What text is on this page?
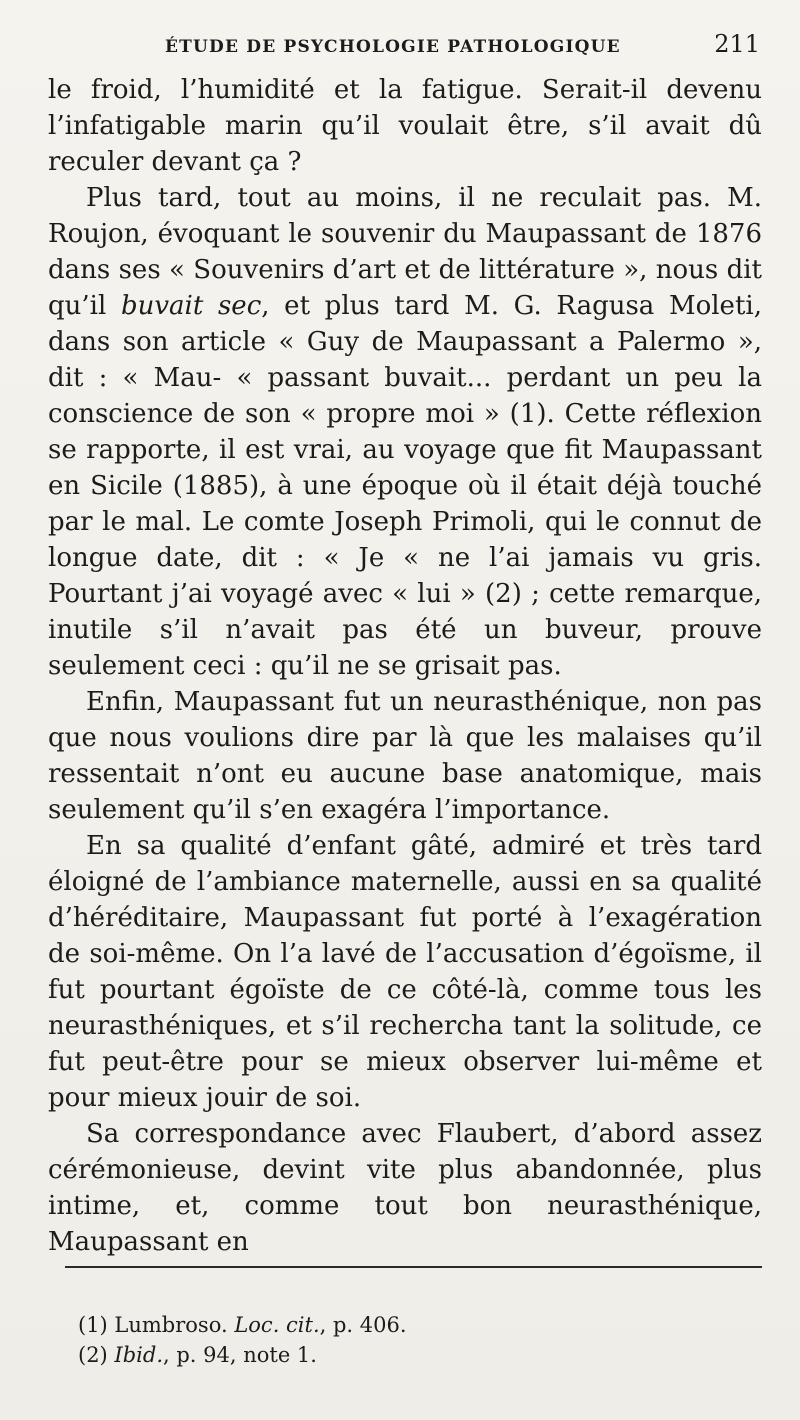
ÉTUDE DE PSYCHOLOGIE PATHOLOGIQUE	211

le froid, l’humidité et la fatigue. Serait-il devenu l’infatigable marin qu’il voulait être, s’il avait dû reculer devant ça ?

Plus tard, tout au moins, il ne reculait pas. M. Roujon, évoquant le souvenir du Maupassant de 1876 dans ses « Souvenirs d’art et de littérature », nous dit qu’il buvait sec, et plus tard M. G. Ragusa Moleti, dans son article « Guy de Maupassant a Palermo », dit : « Mau- « passant buvait... perdant un peu la conscience de son « propre moi » (1). Cette réflexion se rapporte, il est vrai, au voyage que fit Maupassant en Sicile (1885), à une époque où il était déjà touché par le mal. Le comte Joseph Primoli, qui le connut de longue date, dit : « Je « ne l’ai jamais vu gris. Pourtant j’ai voyagé avec « lui » (2) ; cette remarque, inutile s’il n’avait pas été un buveur, prouve seulement ceci : qu’il ne se grisait pas.

Enfin, Maupassant fut un neurasthénique, non pas que nous voulions dire par là que les malaises qu’il ressentait n’ont eu aucune base anatomique, mais seulement qu’il s’en exagéra l’importance.

En sa qualité d’enfant gâté, admiré et très tard éloigné de l’ambiance maternelle, aussi en sa qualité d’héréditaire, Maupassant fut porté à l’exagération de soi-même. On l’a lavé de l’accusation d’égoïsme, il fut pourtant égoïste de ce côté-là, comme tous les neurasthéniques, et s’il rechercha tant la solitude, ce fut peut-être pour se mieux observer lui-même et pour mieux jouir de soi.

Sa correspondance avec Flaubert, d’abord assez cérémonieuse, devint vite plus abandonnée, plus intime, et, comme tout bon neurasthénique, Maupassant en

(1) Lumbroso. Loc. cit., p. 406.
(2) Ibid., p. 94, note 1.
